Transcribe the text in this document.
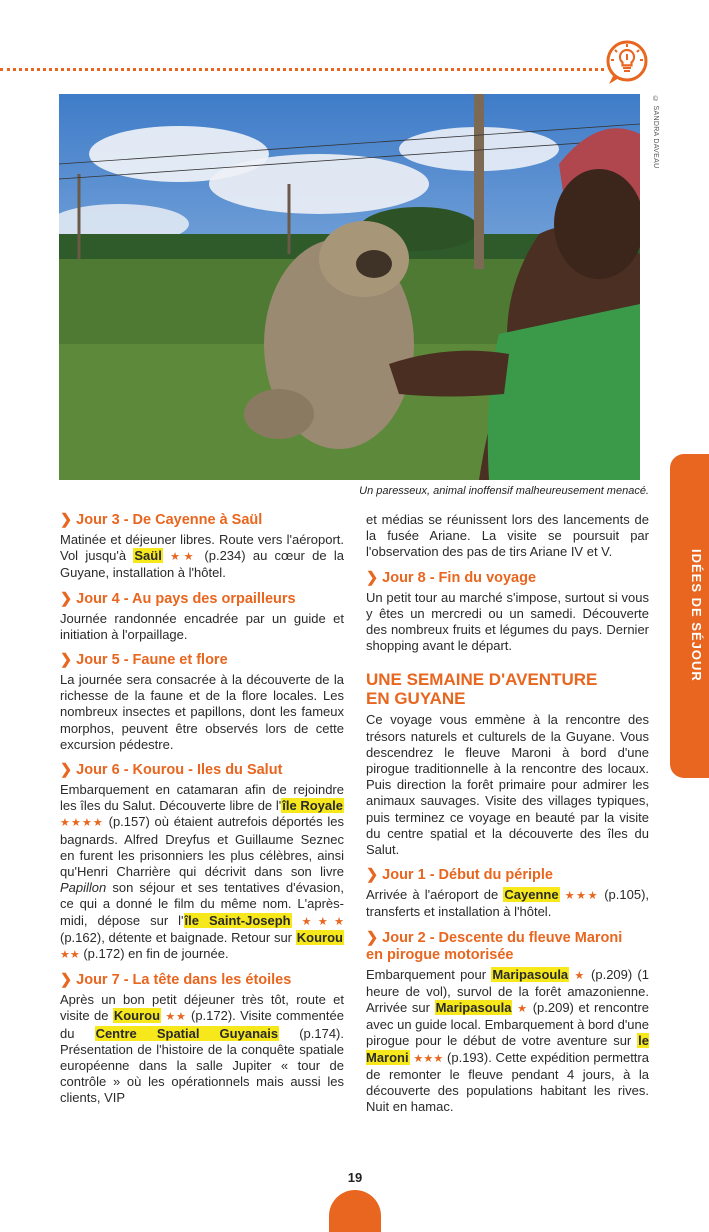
© SANDRA DAVEAU
Un paresseux, animal inoffensif malheureusement menacé.
IDÉES DE SÉJOUR
❯ Jour 3 - De Cayenne à Saül

Matinée et déjeuner libres. Route vers l'aéroport. Vol jusqu'à Saül ★★ (p.234) au cœur de la Guyane, installation à l'hôtel.

❯ Jour 4 - Au pays des orpailleurs

Journée randonnée encadrée par un guide et initiation à l'orpaillage.

❯ Jour 5 - Faune et flore

La journée sera consacrée à la découverte de la richesse de la faune et de la flore locales. Les nombreux insectes et papillons, dont les fameux morphos, peuvent être observés lors de cette excursion pédestre.

❯ Jour 6 - Kourou - Iles du Salut

Embarquement en catamaran afin de rejoindre les îles du Salut. Découverte libre de l'île Royale ★★★★ (p.157) où étaient autrefois déportés les bagnards. Alfred Dreyfus et Guillaume Seznec en furent les prisonniers les plus célèbres, ainsi qu'Henri Charrière qui décrivit dans son livre Papillon son séjour et ses tentatives d'évasion, ce qui a donné le film du même nom. L'après-midi, dépose sur l'île Saint-Joseph ★★★ (p.162), détente et baignade. Retour sur Kourou ★★ (p.172) en fin de journée.

❯ Jour 7 - La tête dans les étoiles

Après un bon petit déjeuner très tôt, route et visite de Kourou ★★ (p.172). Visite commentée du Centre Spatial Guyanais (p.174). Présentation de l'histoire de la conquête spatiale européenne dans la salle Jupiter « tour de contrôle » où les opérationnels mais aussi les clients, VIP

et médias se réunissent lors des lancements de la fusée Ariane. La visite se poursuit par l'observation des pas de tirs Ariane IV et V.

❯ Jour 8 - Fin du voyage

Un petit tour au marché s'impose, surtout si vous y êtes un mercredi ou un samedi. Découverte des nombreux fruits et légumes du pays. Dernier shopping avant le départ.

UNE SEMAINE D'AVENTURE
EN GUYANE

Ce voyage vous emmène à la rencontre des trésors naturels et culturels de la Guyane. Vous descendrez le fleuve Maroni à bord d'une pirogue traditionnelle à la rencontre des locaux. Puis direction la forêt primaire pour admirer les animaux sauvages. Visite des villages typiques, puis terminez ce voyage en beauté par la visite du centre spatial et la découverte des îles du Salut.

❯ Jour 1 - Début du périple

Arrivée à l'aéroport de Cayenne ★★★ (p.105), transferts et installation à l'hôtel.

❯ Jour 2 - Descente du fleuve Maroni
en pirogue motorisée

Embarquement pour Maripasoula ★ (p.209) (1 heure de vol), survol de la forêt amazonienne. Arrivée sur Maripasoula ★ (p.209) et rencontre avec un guide local. Embarquement à bord d'une pirogue pour le début de votre aventure sur le Maroni ★★★ (p.193). Cette expédition permettra de remonter le fleuve pendant 4 jours, à la découverte des populations habitant les rives. Nuit en hamac.

19
